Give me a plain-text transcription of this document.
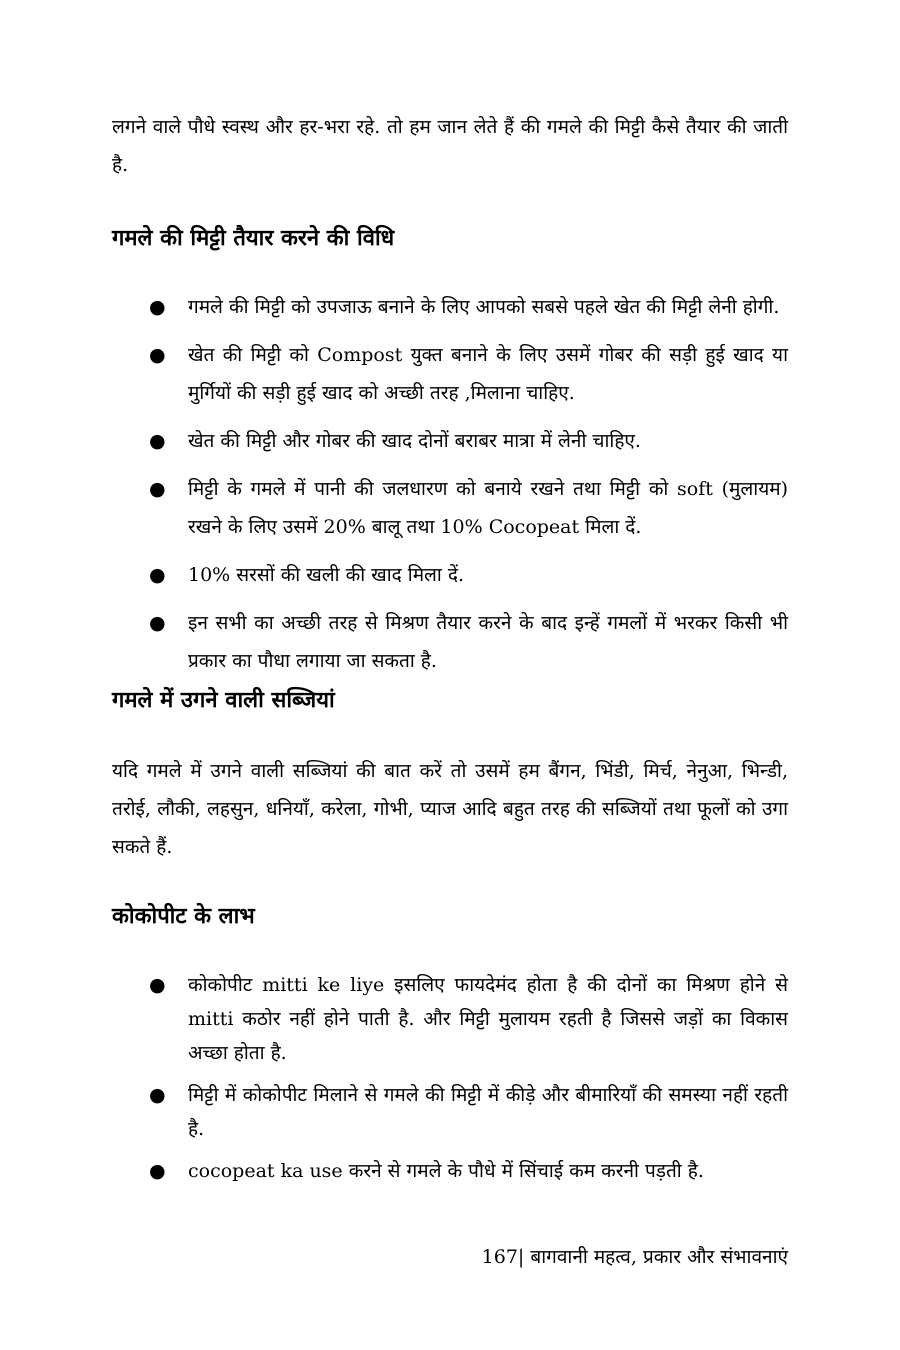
लगने वाले पौधे स्वस्थ और हर-भरा रहे. तो हम जान लेते हैं की गमले की मिट्टी कैसे तैयार की जाती है.

गमले की मिट्टी तैयार करने की विधि
● गमले की मिट्टी को उपजाऊ बनाने के लिए आपको सबसे पहले खेत की मिट्टी लेनी होगी.
● खेत की मिट्टी को Compost युक्त बनाने के लिए उसमें गोबर की सड़ी हुई खाद या मुर्गियों की सड़ी हुई खाद को अच्छी तरह ,मिलाना चाहिए.
● खेत की मिट्टी और गोबर की खाद दोनों बराबर मात्रा में लेनी चाहिए.
● मिट्टी के गमले में पानी की जलधारण को बनाये रखने तथा मिट्टी को soft (मुलायम) रखने के लिए उसमें 20% बालू तथा 10% Cocopeat मिला दें.
● 10% सरसों की खली की खाद मिला दें.
● इन सभी का अच्छी तरह से मिश्रण तैयार करने के बाद इन्हें गमलों में भरकर किसी भी प्रकार का पौधा लगाया जा सकता है.
गमले में उगने वाली सब्जियां

यदि गमले में उगने वाली सब्जियां की बात करें तो उसमें हम बैंगन, भिंडी, मिर्च, नेनुआ, भिन्डी, तरोई, लौकी, लहसुन, धनियाँ, करेला, गोभी, प्याज आदि बहुत तरह की सब्जियों तथा फूलों को उगा सकते हैं.

कोकोपीट के लाभ
● कोकोपीट mitti ke liye इसलिए फायदेमंद होता है की दोनों का मिश्रण होने से mitti कठोर नहीं होने पाती है. और मिट्टी मुलायम रहती है जिससे जड़ों का विकास अच्छा होता है.
● मिट्टी में कोकोपीट मिलाने से गमले की मिट्टी में कीड़े और बीमारियाँ की समस्या नहीं रहती है.
● cocopeat ka use करने से गमले के पौधे में सिंचाई कम करनी पड़ती है.
167| बागवानी महत्व, प्रकार और संभावनाएं
